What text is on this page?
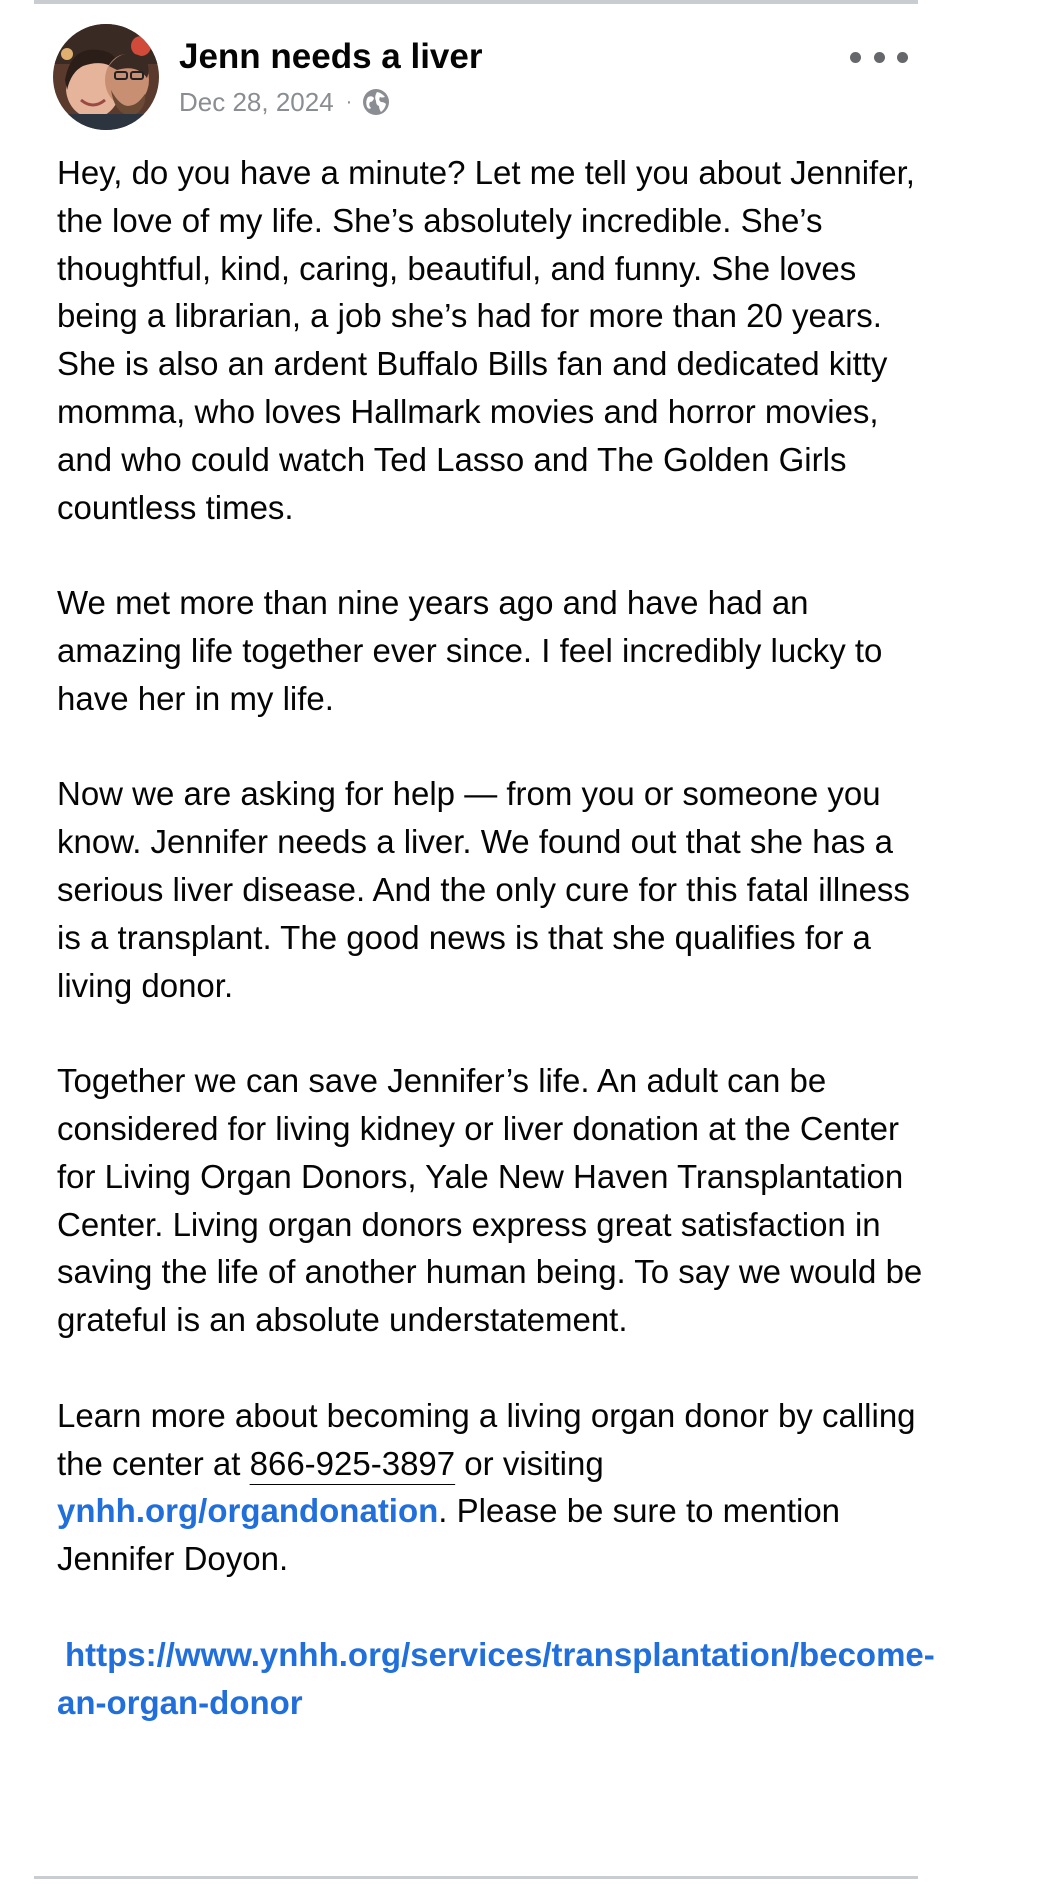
Jenn needs a liver
Dec 28, 2024 ·

Hey, do you have a minute? Let me tell you about Jennifer, the love of my life. She’s absolutely incredible. She’s thoughtful, kind, caring, beautiful, and funny. She loves being a librarian, a job she’s had for more than 20 years. She is also an ardent Buffalo Bills fan and dedicated kitty momma, who loves Hallmark movies and horror movies, and who could watch Ted Lasso and The Golden Girls countless times.

We met more than nine years ago and have had an amazing life together ever since. I feel incredibly lucky to have her in my life.

Now we are asking for help — from you or someone you know. Jennifer needs a liver. We found out that she has a serious liver disease. And the only cure for this fatal illness is a transplant. The good news is that she qualifies for a living donor.

Together we can save Jennifer’s life. An adult can be considered for living kidney or liver donation at the Center for Living Organ Donors, Yale New Haven Transplantation Center. Living organ donors express great satisfaction in saving the life of another human being. To say we would be grateful is an absolute understatement.

Learn more about becoming a living organ donor by calling the center at 866-925-3897 or visiting ynhh.org/organdonation. Please be sure to mention Jennifer Doyon.

https://www.ynhh.org/services/transplantation/become-an-organ-donor
